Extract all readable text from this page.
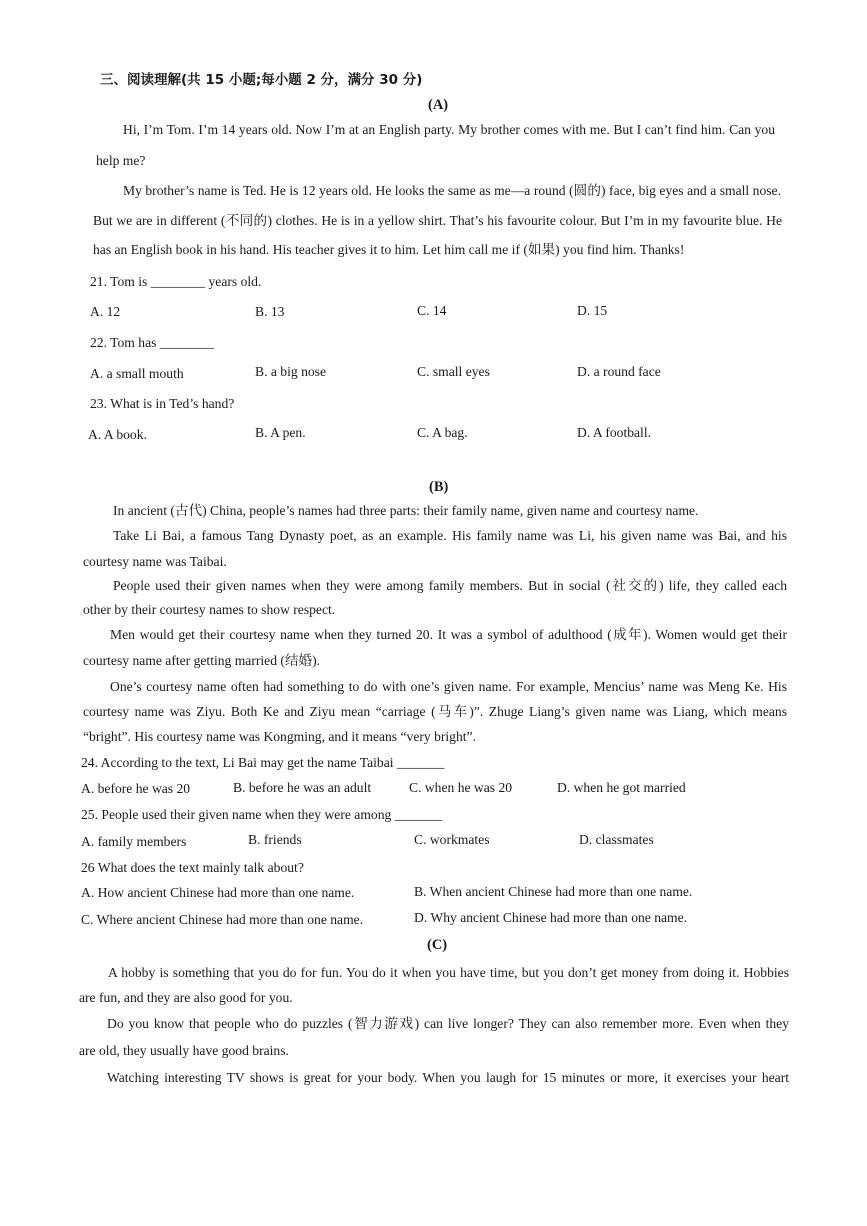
三、阅读理解(共 15 小题;每小题 2 分，满分 30 分)
(A)
Hi, I’m Tom. I’m 14 years old. Now I’m at an English party. My brother comes with me. But I can’t find him. Can you
help me?
My brother’s name is Ted. He is 12 years old. He looks the same as me—a round (圆的) face, big eyes and a small nose.
But we are in different (不同的) clothes. He is in a yellow shirt. That’s his favourite colour. But I’m in my favourite blue. He
has an English book in his hand. His teacher gives it to him. Let him call me if (如果) you find him. Thanks!
21. Tom is ________ years old.
A. 12	B. 13	C. 14	D. 15
22. Tom has ________
A. a small mouth	B. a big nose	C. small eyes	D. a round face
23. What is in Ted’s hand?
A. A book.	B. A pen.	C. A bag.	D. A football.
(B)
In ancient (古代) China, people’s names had three parts: their family name, given name and courtesy name.
Take Li Bai, a famous Tang Dynasty poet, as an example. His family name was Li, his given name was Bai, and his
courtesy name was Taibai.
People used their given names when they were among family members. But in social (社交的) life, they called each
other by their courtesy names to show respect.
Men would get their courtesy name when they turned 20. It was a symbol of adulthood (成年). Women would get their
courtesy name after getting married (结婚).
One’s courtesy name often had something to do with one’s given name. For example, Mencius’ name was Meng Ke. His
courtesy name was Ziyu. Both Ke and Ziyu mean “carriage (马车)”. Zhuge Liang’s given name was Liang, which means
“bright”. His courtesy name was Kongming, and it means “very bright”.
24. According to the text, Li Bai may get the name Taibai _______
A. before he was 20	B. before he was an adult	C. when he was 20	D. when he got married
25. People used their given name when they were among _______
A. family members	B. friends	C. workmates	D. classmates
26 What does the text mainly talk about?
A. How ancient Chinese had more than one name.	B. When ancient Chinese had more than one name.
C. Where ancient Chinese had more than one name.	D. Why ancient Chinese had more than one name.
(C)
A hobby is something that you do for fun. You do it when you have time, but you don’t get money from doing it. Hobbies
are fun, and they are also good for you.
Do you know that people who do puzzles (智力游戏) can live longer? They can also remember more. Even when they
are old, they usually have good brains.
Watching interesting TV shows is great for your body. When you laugh for 15 minutes or more, it exercises your heart
